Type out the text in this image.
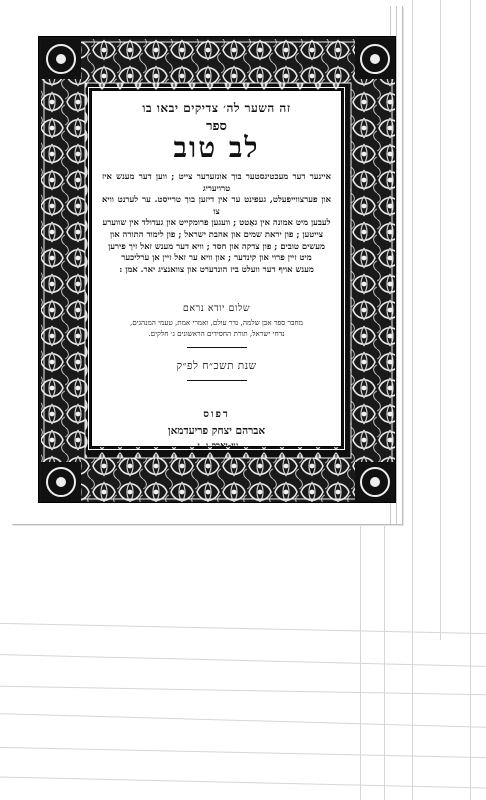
זה השער לה׳ צדיקים יבאו בו
ספר
לב טוב
איינער דער מעכטיגסטער בוך אונזערער צייט ; ווען דער מענש איז טרויעריג
און פערצווייפעלט, געפינט ער אין דיזען בוך טרייסט. ער לערנט וויא צו
לעבען מיט אמונה אין גאָטט ; וועגען פרומקייט און געדולד אין שווערע
צייטען ; פון יראת שמים און אהבת ישראל ; פון לימוד התורה און
מעשים טובים ; פון צדקה און חסד ; וויא דער מענש זאל זיך פירען
מיט זיין פרוי און קינדער ; און וויא ער זאל זיין אן ערליכער
מענש אויף דער וועלט ביז הונדערט און צוואנציג יאר. אמן :
שלום יודא נראם
מחבר ספר אבן שלמה, נדר עולם, ואמרי אמת, טעמי המנהגים,
נדחי ישראל, תורת החסידים הראשונים ג׳ חלקים.
שנת תשכ״ח לפ״ק
דפוס
אברהם יצחק פריעדמאן
נוי-יארק נ. י.
